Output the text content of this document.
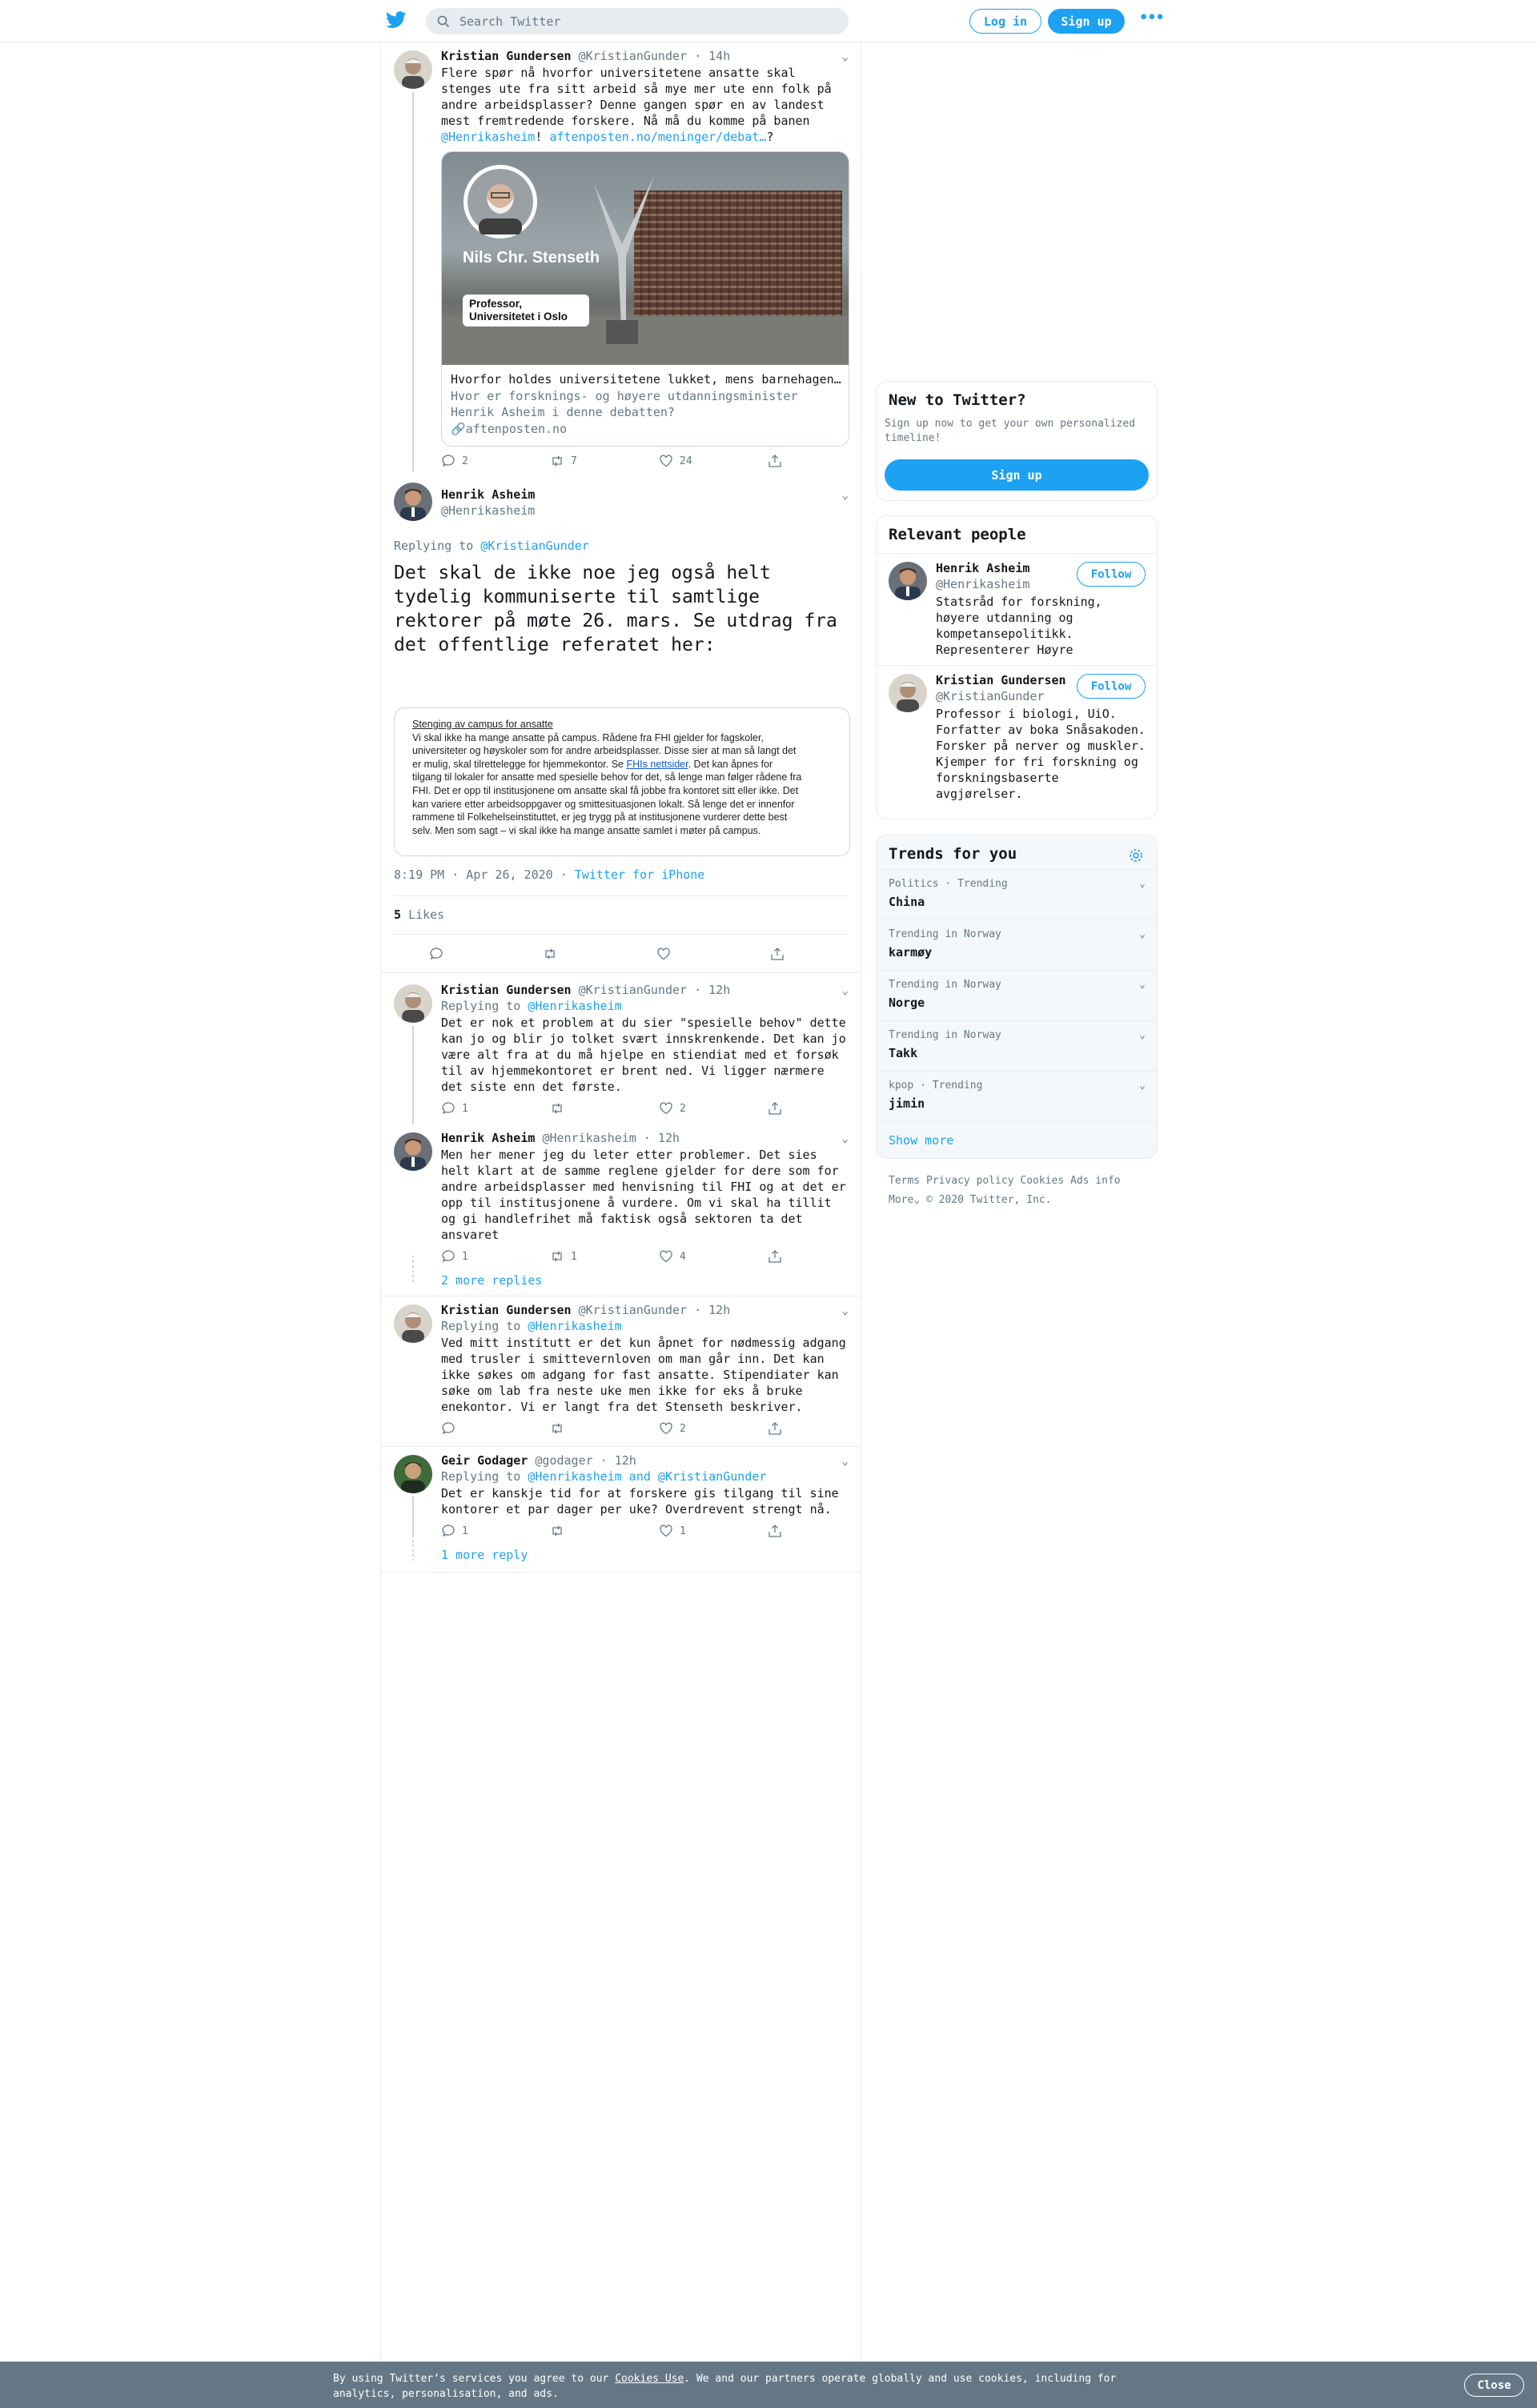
Search Twitter	Log in	Sign up	•••
Kristian Gundersen @KristianGunder · 14h	⌄
Flere spør nå hvorfor universitetene ansatte skal stenges ute fra sitt arbeid så mye mer ute enn folk på andre arbeidsplasser? Denne gangen spør en av landest mest fremtredende forskere. Nå må du komme på banen @Henrikasheim! aftenposten.no/meninger/debat…?
Nils Chr. Stenseth
Professor, Universitetet i Oslo
Hvorfor holdes universitetene lukket, mens barnehagen…
Hvor er forsknings- og høyere utdanningsminister Henrik Asheim i denne debatten?
🔗aftenposten.no
2	7	24
Henrik Asheim
@Henrikasheim
⌄
Replying to @KristianGunder
Det skal de ikke noe jeg også helt tydelig kommuniserte til samtlige rektorer på møte 26. mars. Se utdrag fra det offentlige referatet her:
Stenging av campus for ansatte
Vi skal ikke ha mange ansatte på campus. Rådene fra FHI gjelder for fagskoler,
universiteter og høyskoler som for andre arbeidsplasser. Disse sier at man så langt det
er mulig, skal tilrettelegge for hjemmekontor. Se FHIs nettsider. Det kan åpnes for
tilgang til lokaler for ansatte med spesielle behov for det, så lenge man følger rådene fra
FHI. Det er opp til institusjonene om ansatte skal få jobbe fra kontoret sitt eller ikke. Det
kan variere etter arbeidsoppgaver og smittesituasjonen lokalt. Så lenge det er innenfor
rammene til Folkehelseinstituttet, er jeg trygg på at institusjonene vurderer dette best
selv. Men som sagt – vi skal ikke ha mange ansatte samlet i møter på campus.
8:19 PM · Apr 26, 2020 · Twitter for iPhone
5 Likes
Kristian Gundersen @KristianGunder · 12h	⌄
Replying to @Henrikasheim
Det er nok et problem at du sier "spesielle behov" dette kan jo og blir jo tolket svært innskrenkende. Det kan jo være alt fra at du må hjelpe en stiendiat med et forsøk til av hjemmekontoret er brent ned. Vi ligger nærmere det siste enn det første.
1	2
Henrik Asheim @Henrikasheim · 12h	⌄
Men her mener jeg du leter etter problemer. Det sies helt klart at de samme reglene gjelder for dere som for andre arbeidsplasser med henvisning til FHI og at det er opp til institusjonene å vurdere. Om vi skal ha tillit og gi handlefrihet må faktisk også sektoren ta det ansvaret
1	1	4
2 more replies
Kristian Gundersen @KristianGunder · 12h	⌄
Replying to @Henrikasheim
Ved mitt institutt er det kun åpnet for nødmessig adgang med trusler i smittevernloven om man går inn. Det kan ikke søkes om adgang for fast ansatte. Stipendiater kan søke om lab fra neste uke men ikke for eks å bruke enekontor. Vi er langt fra det Stenseth beskriver.
2
Geir Godager @godager · 12h	⌄
Replying to @Henrikasheim and @KristianGunder
Det er kanskje tid for at forskere gis tilgang til sine kontorer et par dager per uke? Overdrevent strengt nå.
1	1
1 more reply
New to Twitter?
Sign up now to get your own personalized timeline!
Sign up
Relevant people
Henrik Asheim
@Henrikasheim
Follow
Statsråd for forskning, høyere utdanning og kompetansepolitikk. Representerer Høyre
Kristian Gundersen
@KristianGunder
Follow
Professor i biologi, UiO. Forfatter av boka Snåsakoden. Forsker på nerver og muskler. Kjemper for fri forskning og forskningsbaserte avgjørelser.
Trends for you
Politics · Trending
China
⌄
Trending in Norway
karmøy
⌄
Trending in Norway
Norge
⌄
Trending in Norway
Takk
⌄
kpop · Trending
jimin
⌄
Show more
Terms Privacy policy Cookies Ads info
More⌄ © 2020 Twitter, Inc.
By using Twitter’s services you agree to our Cookies Use. We and our partners operate globally and use cookies, including for analytics, personalisation, and ads.
Close
